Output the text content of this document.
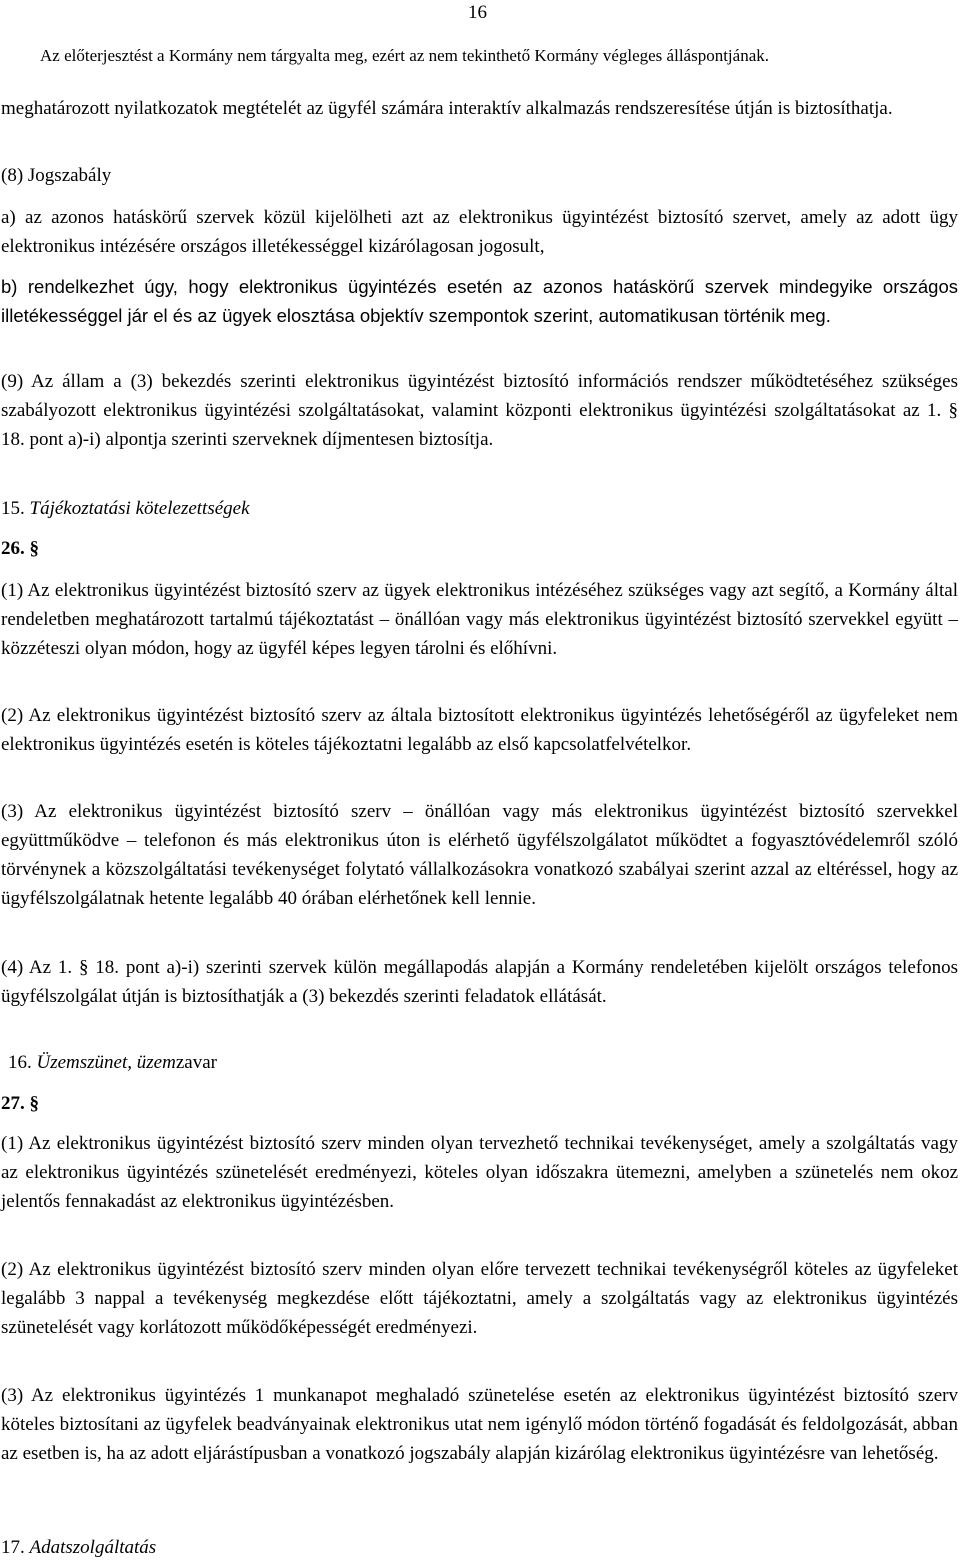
16
Az előterjesztést a Kormány nem tárgyalta meg, ezért az nem tekinthető Kormány végleges álláspontjának.
meghatározott nyilatkozatok megtételét az ügyfél számára interaktív alkalmazás rendszeresítése útján is biztosíthatja.
(8) Jogszabály
a) az azonos hatáskörű szervek közül kijelölheti azt az elektronikus ügyintézést biztosító szervet, amely az adott ügy elektronikus intézésére országos illetékességgel kizárólagosan jogosult,
b) rendelkezhet úgy, hogy elektronikus ügyintézés esetén az azonos hatáskörű szervek mindegyike országos illetékességgel jár el és az ügyek elosztása objektív szempontok szerint, automatikusan történik meg.
(9) Az állam a (3) bekezdés szerinti elektronikus ügyintézést biztosító információs rendszer működtetéséhez szükséges szabályozott elektronikus ügyintézési szolgáltatásokat, valamint központi elektronikus ügyintézési szolgáltatásokat az 1. § 18. pont a)-i) alpontja szerinti szerveknek díjmentesen biztosítja.
15. Tájékoztatási kötelezettségek
26. §
(1) Az elektronikus ügyintézést biztosító szerv az ügyek elektronikus intézéséhez szükséges vagy azt segítő, a Kormány által rendeletben meghatározott tartalmú tájékoztatást – önállóan vagy más elektronikus ügyintézést biztosító szervekkel együtt – közzéteszi olyan módon, hogy az ügyfél képes legyen tárolni és előhívni.
(2) Az elektronikus ügyintézést biztosító szerv az általa biztosított elektronikus ügyintézés lehetőségéről az ügyfeleket nem elektronikus ügyintézés esetén is köteles tájékoztatni legalább az első kapcsolatfelvételkor.
(3) Az elektronikus ügyintézést biztosító szerv – önállóan vagy más elektronikus ügyintézést biztosító szervekkel együttműködve – telefonon és más elektronikus úton is elérhető ügyfélszolgálatot működtet a fogyasztóvédelemről szóló törvénynek a közszolgáltatási tevékenységet folytató vállalkozásokra vonatkozó szabályai szerint azzal az eltéréssel, hogy az ügyfélszolgálatnak hetente legalább 40 órában elérhetőnek kell lennie.
(4) Az 1. § 18. pont a)-i) szerinti szervek külön megállapodás alapján a Kormány rendeletében kijelölt országos telefonos ügyfélszolgálat útján is biztosíthatják a (3) bekezdés szerinti feladatok ellátását.
16. Üzemszünet, üzemzavar
27. §
(1) Az elektronikus ügyintézést biztosító szerv minden olyan tervezhető technikai tevékenységet, amely a szolgáltatás vagy az elektronikus ügyintézés szünetelését eredményezi, köteles olyan időszakra ütemezni, amelyben a szünetelés nem okoz jelentős fennakadást az elektronikus ügyintézésben.
(2) Az elektronikus ügyintézést biztosító szerv minden olyan előre tervezett technikai tevékenységről köteles az ügyfeleket legalább 3 nappal a tevékenység megkezdése előtt tájékoztatni, amely a szolgáltatás vagy az elektronikus ügyintézés szünetelését vagy korlátozott működőképességét eredményezi.
(3) Az elektronikus ügyintézés 1 munkanapot meghaladó szünetelése esetén az elektronikus ügyintézést biztosító szerv köteles biztosítani az ügyfelek beadványainak elektronikus utat nem igénylő módon történő fogadását és feldolgozását, abban az esetben is, ha az adott eljárástípusban a vonatkozó jogszabály alapján kizárólag elektronikus ügyintézésre van lehetőség.
17. Adatszolgáltatás
